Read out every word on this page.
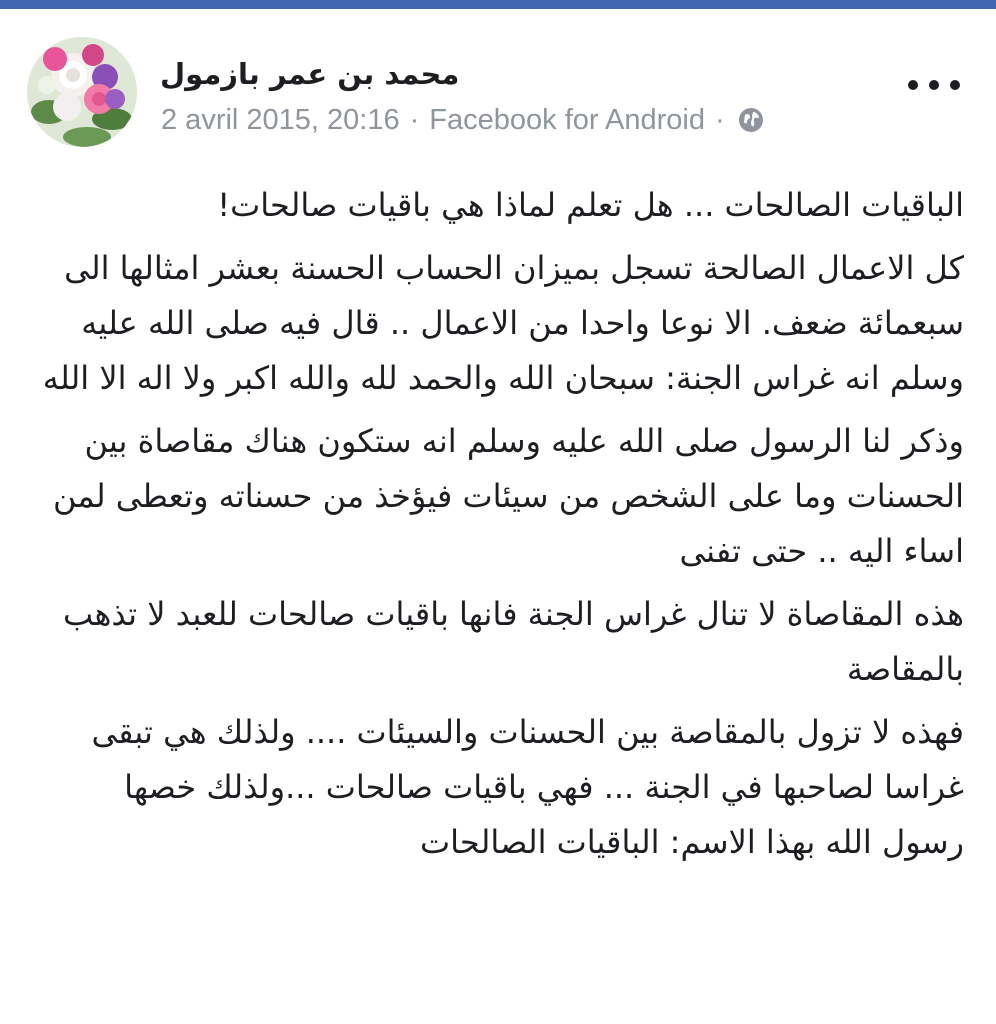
محمد بن عمر بازمول
2 avril 2015, 20:16 · Facebook for Android ·

الباقيات الصالحات ... هل تعلم لماذا هي باقيات صالحات!

كل الاعمال الصالحة تسجل بميزان الحساب الحسنة بعشر امثالها الى سبعمائة ضعف. الا نوعا واحدا من الاعمال .. قال فيه صلى الله عليه وسلم انه غراس الجنة: سبحان الله والحمد لله والله اكبر ولا اله الا الله

وذكر لنا الرسول صلى الله عليه وسلم انه ستكون هناك مقاصاة بين الحسنات وما على الشخص من سيئات فيؤخذ من حسناته وتعطى لمن اساء اليه .. حتى تفنى

هذه المقاصاة لا تنال غراس الجنة فانها باقيات صالحات للعبد لا تذهب بالمقاصة

فهذه لا تزول بالمقاصة بين الحسنات والسيئات .... ولذلك هي تبقى غراسا لصاحبها في الجنة ... فهي باقيات صالحات ...ولذلك خصها رسول الله بهذا الاسم: الباقيات الصالحات
